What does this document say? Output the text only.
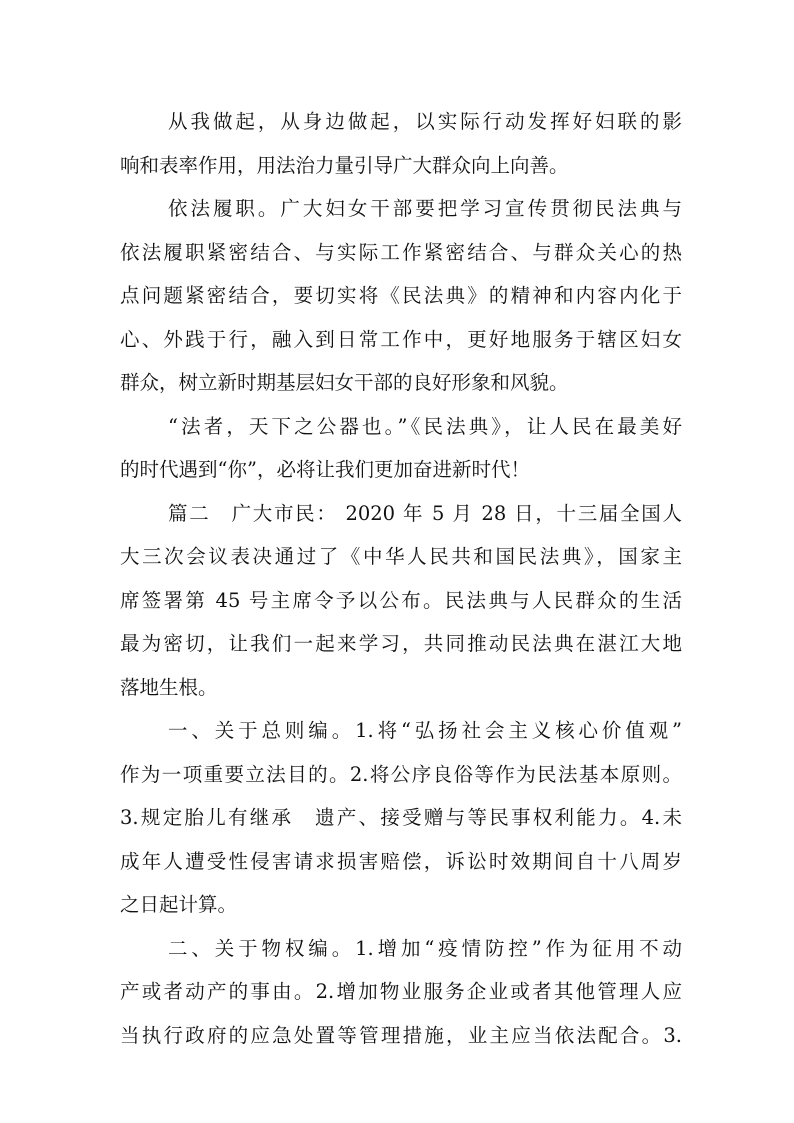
从我做起，从身边做起，以实际行动发挥好妇联的影
响和表率作用，用法治力量引导广大群众向上向善。
依法履职。广大妇女干部要把学习宣传贯彻民法典与
依法履职紧密结合、与实际工作紧密结合、与群众关心的热
点问题紧密结合，要切实将《民法典》的精神和内容内化于
心、外践于行，融入到日常工作中，更好地服务于辖区妇女
群众，树立新时期基层妇女干部的良好形象和风貌。
“法者，天下之公器也。”《民法典》，让人民在最美好
的时代遇到“你”，必将让我们更加奋进新时代！
篇二　广大市民： 2020 年 5 月 28 日，十三届全国人
大三次会议表决通过了《中华人民共和国民法典》，国家主
席签署第 45 号主席令予以公布。民法典与人民群众的生活
最为密切，让我们一起来学习，共同推动民法典在湛江大地
落地生根。
一、关于总则编。1.将“弘扬社会主义核心价值观”
作为一项重要立法目的。2.将公序良俗等作为民法基本原则。
3.规定胎儿有继承　遗产、接受赠与等民事权利能力。4.未
成年人遭受性侵害请求损害赔偿，诉讼时效期间自十八周岁
之日起计算。
二、关于物权编。1.增加“疫情防控”作为征用不动
产或者动产的事由。2.增加物业服务企业或者其他管理人应
当执行政府的应急处置等管理措施，业主应当依法配合。3.
